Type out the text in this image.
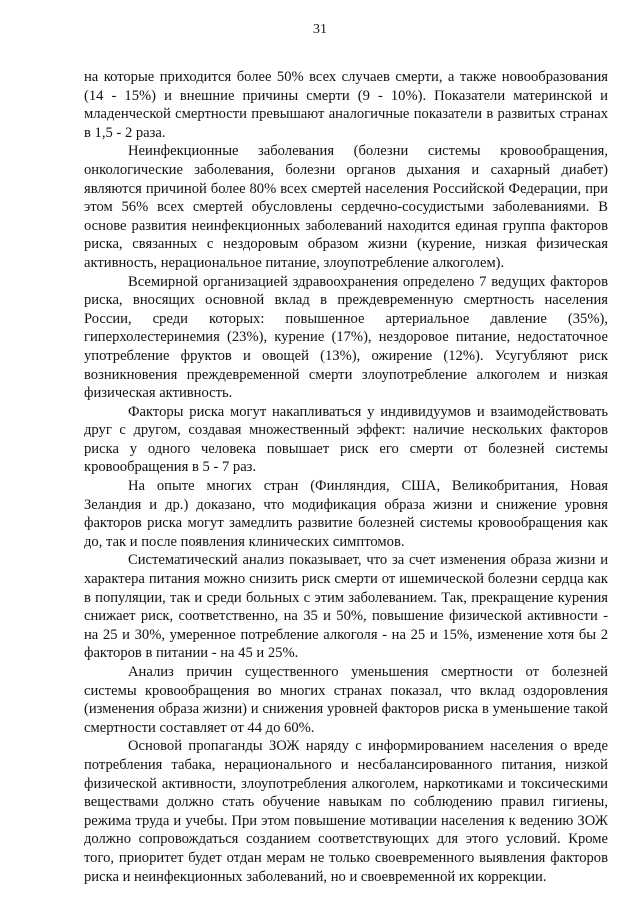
31

на которые приходится более 50% всех случаев смерти, а также новообразования (14 - 15%) и внешние причины смерти (9 - 10%). Показатели материнской и младенческой смертности превышают аналогичные показатели в развитых странах в 1,5 - 2 раза.

Неинфекционные заболевания (болезни системы кровообращения, онкологические заболевания, болезни органов дыхания и сахарный диабет) являются причиной более 80% всех смертей населения Российской Федерации, при этом 56% всех смертей обусловлены сердечно-сосудистыми заболеваниями. В основе развития неинфекционных заболеваний находится единая группа факторов риска, связанных с нездоровым образом жизни (курение, низкая физическая активность, нерациональное питание, злоупотребление алкоголем).

Всемирной организацией здравоохранения определено 7 ведущих факторов риска, вносящих основной вклад в преждевременную смертность населения России, среди которых: повышенное артериальное давление (35%), гиперхолестеринемия (23%), курение (17%), нездоровое питание, недостаточное употребление фруктов и овощей (13%), ожирение (12%). Усугубляют риск возникновения преждевременной смерти злоупотребление алкоголем и низкая физическая активность.

Факторы риска могут накапливаться у индивидуумов и взаимодействовать друг с другом, создавая множественный эффект: наличие нескольких факторов риска у одного человека повышает риск его смерти от болезней системы кровообращения в 5 - 7 раз.

На опыте многих стран (Финляндия, США, Великобритания, Новая Зеландия и др.) доказано, что модификация образа жизни и снижение уровня факторов риска могут замедлить развитие болезней системы кровообращения как до, так и после появления клинических симптомов.

Систематический анализ показывает, что за счет изменения образа жизни и характера питания можно снизить риск смерти от ишемической болезни сердца как в популяции, так и среди больных с этим заболеванием. Так, прекращение курения снижает риск, соответственно, на 35 и 50%, повышение физической активности - на 25 и 30%, умеренное потребление алкоголя - на 25 и 15%, изменение хотя бы 2 факторов в питании - на 45 и 25%.

Анализ причин существенного уменьшения смертности от болезней системы кровообращения во многих странах показал, что вклад оздоровления (изменения образа жизни) и снижения уровней факторов риска в уменьшение такой смертности составляет от 44 до 60%.

Основой пропаганды ЗОЖ наряду с информированием населения о вреде потребления табака, нерационального и несбалансированного питания, низкой физической активности, злоупотребления алкоголем, наркотиками и токсическими веществами должно стать обучение навыкам по соблюдению правил гигиены, режима труда и учебы. При этом повышение мотивации населения к ведению ЗОЖ должно сопровождаться созданием соответствующих для этого условий. Кроме того, приоритет будет отдан мерам не только своевременного выявления факторов риска и неинфекционных заболеваний, но и своевременной их коррекции.
